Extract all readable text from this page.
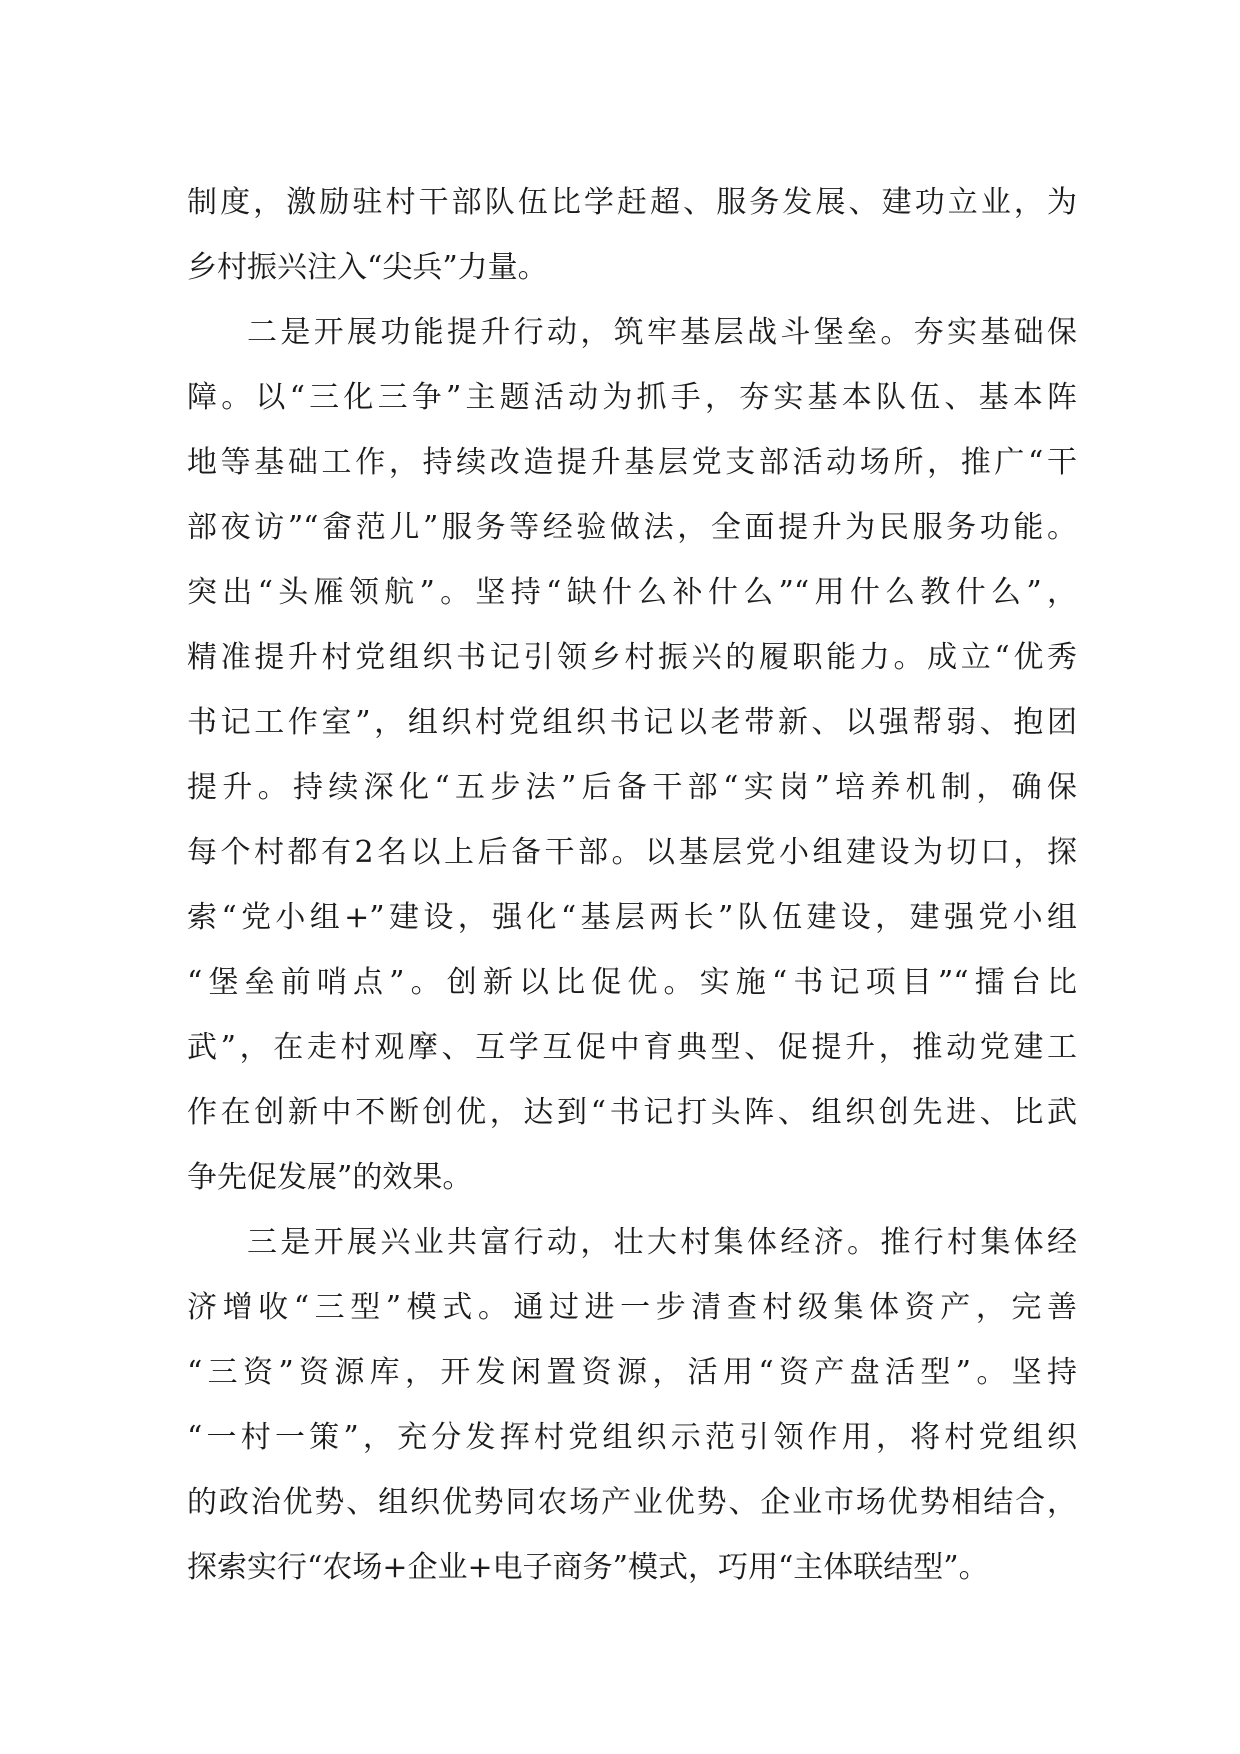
制度，激励驻村干部队伍比学赶超、服务发展、建功立业，为
乡村振兴注入“尖兵”力量。
二是开展功能提升行动，筑牢基层战斗堡垒。夯实基础保
障。以“三化三争”主题活动为抓手，夯实基本队伍、基本阵
地等基础工作，持续改造提升基层党支部活动场所，推广“干
部夜访”“畲范儿”服务等经验做法，全面提升为民服务功能。
突出“头雁领航”。坚持“缺什么补什么”“用什么教什么”，
精准提升村党组织书记引领乡村振兴的履职能力。成立“优秀
书记工作室”，组织村党组织书记以老带新、以强帮弱、抱团
提升。持续深化“五步法”后备干部“实岗”培养机制，确保
每个村都有2名以上后备干部。以基层党小组建设为切口，探
索“党小组+”建设，强化“基层两长”队伍建设，建强党小组
“堡垒前哨点”。创新以比促优。实施“书记项目”“擂台比
武”，在走村观摩、互学互促中育典型、促提升，推动党建工
作在创新中不断创优，达到“书记打头阵、组织创先进、比武
争先促发展”的效果。
三是开展兴业共富行动，壮大村集体经济。推行村集体经
济增收“三型”模式。通过进一步清查村级集体资产，完善
“三资”资源库，开发闲置资源，活用“资产盘活型”。坚持
“一村一策”，充分发挥村党组织示范引领作用，将村党组织
的政治优势、组织优势同农场产业优势、企业市场优势相结合，
探索实行“农场+企业+电子商务”模式，巧用“主体联结型”。
